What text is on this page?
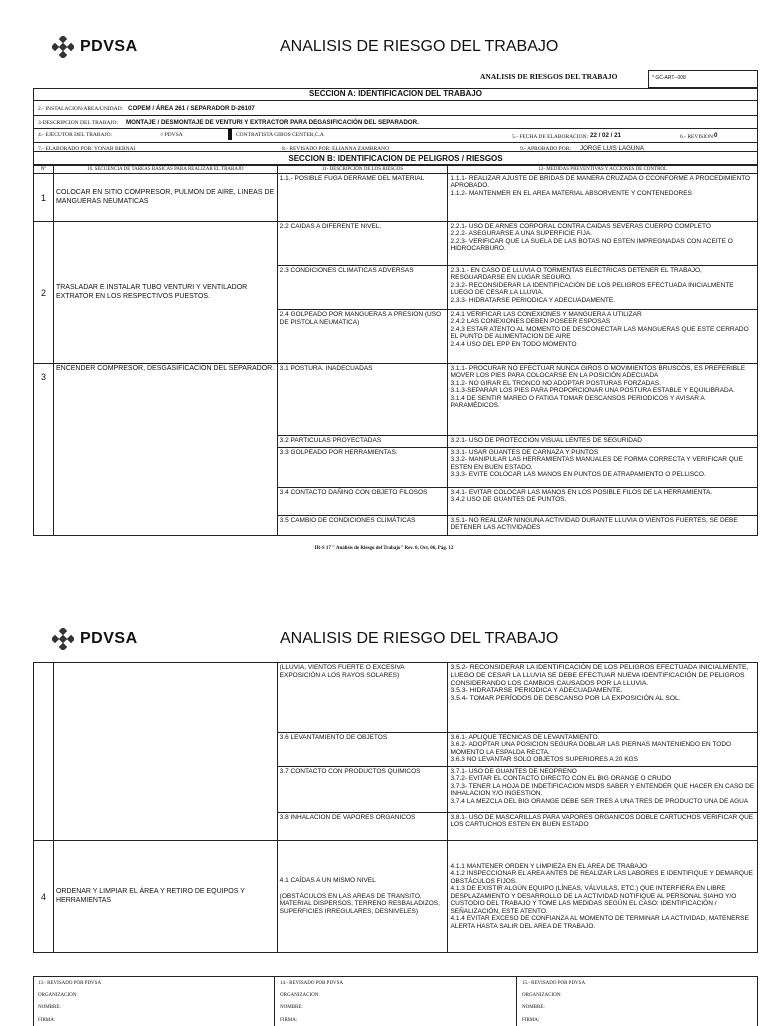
PDVSA	ANALISIS DE RIESGO DEL TRABAJO
ANALISIS DE RIESGOS DEL TRABAJO	* GC-ART--008
SECCION A: IDENTIFICACION DEL TRABAJO
2.- INSTALACION/AREA/UNIDAD: COPEM / ÁREA 261 / SEPARADOR D-26107
3-DESCRIPCION DEL TRABAJO: MONTAJE / DESMONTAJE DE VENTURI Y EXTRACTOR PARA DEGASIFICACIÓN DEL SEPARADOR.
4.- EJECUTOR DEL TRABAJO:	○ PDVSA	CONTRATISTA GIROS CENTER,C.A	5.- FECHA DE ELABORACION: 22 / 02 / 21	6.- REVISION: 0
7.- ELABORADO POR: YONAR BERNAI	8.- REVISADO POR: ELIANNA ZAMBRANO	9.- APROBADO POR: JORGE LUIS LAGUNA
SECCION B: IDENTIFICACION DE PELIGROS / RIESGOS
Nº	10. SECUENCIA DE TAREAS BASICAS PARA REALIZAR EL TRABAJO	11- DESCRIPCIÓN DE LOS RIESGOS	12- MEDIDAS PREVENTIVAS Y ACCIONES DE CONTROL
1	COLOCAR EN SITIO COMPRESOR, PULMON DE AIRE, LINEAS DE MANGUERAS NEUMATICAS	1.1.- POSIBLE FUGA DERRAME DEL MATERIAL	1.1.1- REALIZAR AJUSTE DE BRIDAS DE MANERA CRUZADA O CCONFORME A PROCEDIMIENTO APROBADO.
1.1.2- MANTENMER EN EL AREA MATERIAL ABSORVENTE Y CONTENEDORES
2	TRASLADAR E INSTALAR TUBO VENTURI Y VENTILADOR EXTRATOR EN LOS RESPECTIVOS PUESTOS.	2.2 CAIDAS A DIFERENTE NIVEL.	2.2.1- USO DE ARNES CORPORAL CONTRA CAIDAS SEVERAS CUERPO COMPLETO
2.2.2- ASEGURARSE A UNA SUPERFICIE FIJA.
2.2.3- VERIFICAR QUE LA SUELA DE LAS BOTAS NO ESTEN IMPREGNADAS CON ACEITE O HIDROCARBURO.
		2.3 CONDICIONES CLIMATICAS ADVERSAS	2.3.1.- EN CASO DE LLUVIA O TORMENTAS ELECTRICAS DETENER EL TRABAJO, RESGUARDARSE EN LUGAR SEGURO.
2.3.2- RECONSIDERAR LA IDENTIFICACIÓN DE LOS PELIGROS EFECTUADA INICIALMENTE LUEGO DE CESAR LA LLUVIA.
2.3.3- HIDRATARSE PERIODICA Y ADECUADAMENTE.
		2.4 GOLPEADO POR MANGUERAS A PRESION (USO DE PISTOLA NEUMATICA)	2.4.1 VERIFICAR LAS CONEXIONES Y MANGUERA A UTILIZAR
2.4.2 LAS CONEXIONES DEBEN POSEER ESPOSAS
2.4.3 ESTAR ATENTO AL MOMENTO DE DESCONECTAR LAS MANGUERAS QUE ESTE CERRADO EL PUNTO DE ALIMENTACION DE AIRE
2.4.4 USO DEL EPP EN TODO MOMENTO
3	ENCENDER COMPRESOR, DESGASIFICACION DEL SEPARADOR.	3.1 POSTURA. INADECUADAS	3.1.1- PROCURAR NO EFECTUAR NUNCA GIROS O MOVIMIENTOS BRUSCOS, ES PREFERIBLE MOVER LOS PIES PARA COLOCARSE EN LA POSICIÓN ADECUADA
3.1.2- NO GIRAR EL TRONCO NO ADOPTAR POSTURAS FORZADAS.
3.1.3-SEPARAR LOS PIES PARA PROPORCIONAR UNA POSTURA ESTABLE Y EQUILIBRADA.
3.1.4 DE SENTIR MAREO O FATIGA TOMAR DESCANSOS PERIODICOS Y AVISAR A PARAMÉDICOS.
		3.2 PARTICULAS PROYECTADAS	3.2.1- USO DE PROTECCION VISUAL LENTES DE SEGURIDAD
		3.3 GOLPEADO POR HERRAMIENTAS.	3.3.1- USAR GUANTES DE CARNAZA Y PUNTOS
3.3.2- MANIPULAR LAS HERRAMIENTAS MANUALES DE FORMA CORRECTA Y VERIFICAR QUE ESTEN EN BUEN ESTADO.
3.3.3- EVITE COLOCAR LAS MANOS EN PUNTOS DE ATRAPAMIENTO O PELLISCO.
		3.4 CONTACTO DAÑINO CON OBJETO FILOSOS	3.4.1- EVITAR COLOCAR LAS MANOS EN LOS POSIBLE FILOS DE LA HERRAMIENTA.
3.4.2 USO DE GUANTES DE PUNTOS.
		3.5 CAMBIO DE CONDICIONES CLIMÁTICAS	3.5.1- NO REALIZAR NINGUNA ACTIVIDAD DURANTE LLUVIA O VIENTOS FUERTES, SE DEBE DETENER LAS ACTIVIDADES
IR-S 17 " Análisis de Riesgo del Trabajo" Rev. 0, Oct. 06, Pág. 12
PDVSA	ANALISIS DE RIESGO DEL TRABAJO
		(LLUVIA, VIENTOS FUERTE O EXCESIVA EXPOSICIÓN A LOS RAYOS SOLARES)	3.5.2- RECONSIDERAR LA IDENTIFICACIÓN DE LOS PELIGROS EFECTUADA INICIALMENTE, LUEGO DE CESAR LA LLUVIA SE DEBE EFECTUAR NUEVA IDENTIFICACIÓN DE PELIGROS CONSIDERANDO LOS CAMBIOS CAUSADOS POR LA LLUVIA.
3.5.3- HIDRATARSE PERIODICA Y ADECUADAMENTE.
3.5.4- TOMAR PERÍODOS DE DESCANSO POR LA EXPOSICIÓN AL SOL.
		3.6 LEVANTAMIENTO DE OBJETOS	3.6.1- APLIQUE TECNICAS DE LEVANTAMIENTO.
3.6.2- ADOPTAR UNA POSICION SEGURA DOBLAR LAS PIERNAS MANTENIENDO EN TODO MOMENTO LA ESPALDA RECTA.
3.6.3 NO LEVANTAR SOLO OBJETOS SUPERIORES A 20 KGS
		3.7 CONTACTO CON PRODUCTOS QUIMICOS	3.7.1- USO DE GUANTES DE NEOPRENO
3.7.2- EVITAR EL CONTACTO DIRECTO CON EL BIG ORANGE O CRUDO
3.7.3- TENER LA HOJA DE INDETIFICACION MSDS SABER Y ENTENDER QUE HACER EN CASO DE INHALACION Y/O INGESTION.
3.7.4 LA MEZCLA DEL BIG ORANGE DEBE SER TRES A UNA TRES DE PRODUCTO UNA DE AGUA
		3.8 INHALACION DE VAPORES ORGANICOS	3.8.1- USO DE MASCARILLAS PARA VAPORES ORGANICOS DOBLE CARTUCHOS VERIFICAR QUE LOS CARTUCHOS ESTEN EN BUEN ESTADO
4	ORDENAR Y LIMPIAR EL ÁREA Y RETIRO DE EQUIPOS Y HERRAMIENTAS	4.1 CAÍDAS A UN MISMO NIVEL

(OBSTÁCULOS EN LAS AREAS DE TRANSITO, MATERIAL DISPERSOS, TERRENO RESBALADIZOS, SUPERFICIES IRREGULARES, DESNIVELES)	4.1.1 MANTENER ORDEN Y LIMPIEZA EN EL AREA DE TRABAJO
4.1.2 INSPECCIONAR EL AREA ANTES DE REALIZAR LAS LABORES E IDENTIFIQUE Y DEMARQUE OBSTÁCULOS FIJOS.
4.1.3 DE EXISTIR ALGÚN EQUIPO (LÍNEAS, VÁLVULAS, ETC.) QUE INTERFIERA EN LIBRE DESPLAZAMIENTO Y DESARROLLO DE LA ACTIVIDAD NOTIFIQUE AL PERSONAL SIAHO Y/O CUSTODIO DEL TRABAJO Y TOME LAS MEDIDAS SEGÚN EL CASO: IDENTIFICACIÓN / SEÑALIZACIÓN, ESTE ATENTO.
4.1.4 EVITAR EXCESO DE CONFIANZA AL MOMENTO DE TERMINAR LA ACTIVIDAD, MATENERSE ALERTA HASTA SALIR DEL AREA DE TRABAJO.
13.- REVISADO POR PDVSA
ORGANIZACION:
NOMBRE:
FIRMA:
14.- REVISADO POR PDVSA
ORGANIZACION:
NOMBRE:
FIRMA:
15.- REVISADO POR PDVSA
ORGANIZACION:
NOMBRE:
FIRMA:
